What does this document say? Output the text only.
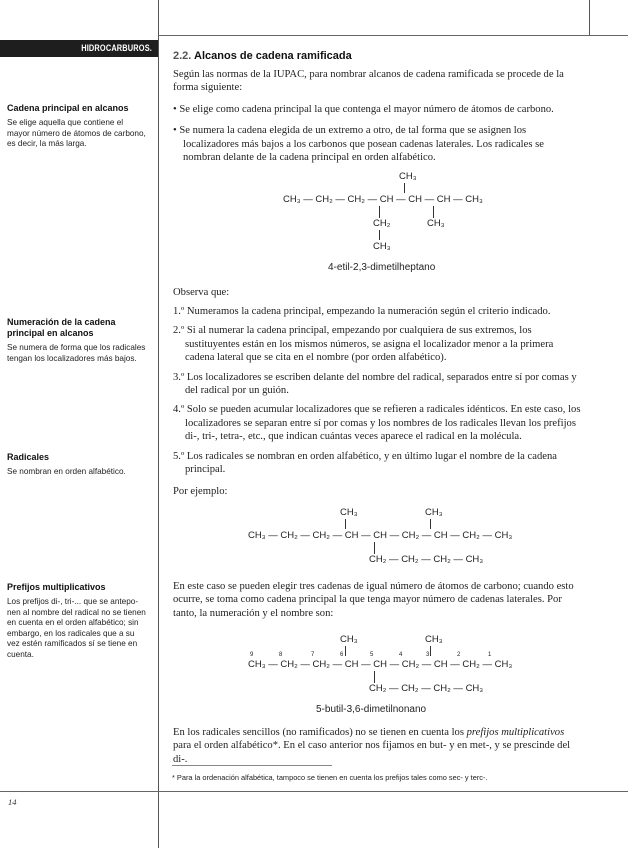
HIDROCARBUROS. GENERALIDADES
Cadena principal en alcanos
Se elige aquella que contiene el mayor número de átomos de carbono, es decir, la más larga.
Numeración de la cadena principal en alcanos
Se numera de forma que los radicales tengan los localizadores más bajos.
Radicales
Se nombran en orden alfabético.
Prefijos multiplicativos
Los prefijos di-, tri-... que se anteponen al nombre del radical no se tienen en cuenta en el orden alfabético; sin embargo, en los radicales que a su vez estén ramificados sí se tiene en cuenta.
2.2. Alcanos de cadena ramificada
Según las normas de la IUPAC, para nombrar alcanos de cadena ramificada se procede de la forma siguiente:
• Se elige como cadena principal la que contenga el mayor número de átomos de carbono.
• Se numera la cadena elegida de un extremo a otro, de tal forma que se asignen los localizadores más bajos a los carbonos que posean cadenas laterales. Los radicales se nombran delante de la cadena principal en orden alfabético.
CH₃
CH₃ — CH₂ — CH₂ — CH — CH — CH — CH₃
CH₂	CH₃
CH₃
4-etil-2,3-dimetilheptano
Observa que:
1.º Numeramos la cadena principal, empezando la numeración según el criterio indicado.
2.º Si al numerar la cadena principal, empezando por cualquiera de sus extremos, los sustituyentes están en los mismos números, se asigna el localizador menor a la primera cadena lateral que se cita en el nombre (por orden alfabético).
3.º Los localizadores se escriben delante del nombre del radical, separados entre sí por comas y del radical por un guión.
4.º Solo se pueden acumular localizadores que se refieren a radicales idénticos. En este caso, los localizadores se separan entre sí por comas y los nombres de los radicales llevan los prefijos di-, tri-, tetra-, etc., que indican cuántas veces aparece el radical en la molécula.
5.º Los radicales se nombran en orden alfabético, y en último lugar el nombre de la cadena principal.
Por ejemplo:
CH₃	CH₃
CH₃ — CH₂ — CH₂ — CH — CH — CH₂ — CH — CH₂ — CH₃
CH₂ — CH₂ — CH₂ — CH₃
En este caso se pueden elegir tres cadenas de igual número de átomos de carbono; cuando esto ocurre, se toma como cadena principal la que tenga mayor número de cadenas laterales. Por tanto, la numeración y el nombre son:
CH₃	CH₃
9	8	7	6	5	4	3	2	1
CH₃ — CH₂ — CH₂ — CH — CH — CH₂ — CH — CH₂ — CH₃
CH₂ — CH₂ — CH₂ — CH₃
5-butil-3,6-dimetilnonano
En los radicales sencillos (no ramificados) no se tienen en cuenta los prefijos multiplicativos para el orden alfabético*. En el caso anterior nos fijamos en but- y en met-, y se prescinde del di-.
* Para la ordenación alfabética, tampoco se tienen en cuenta los prefijos tales como sec- y terc-.
14
